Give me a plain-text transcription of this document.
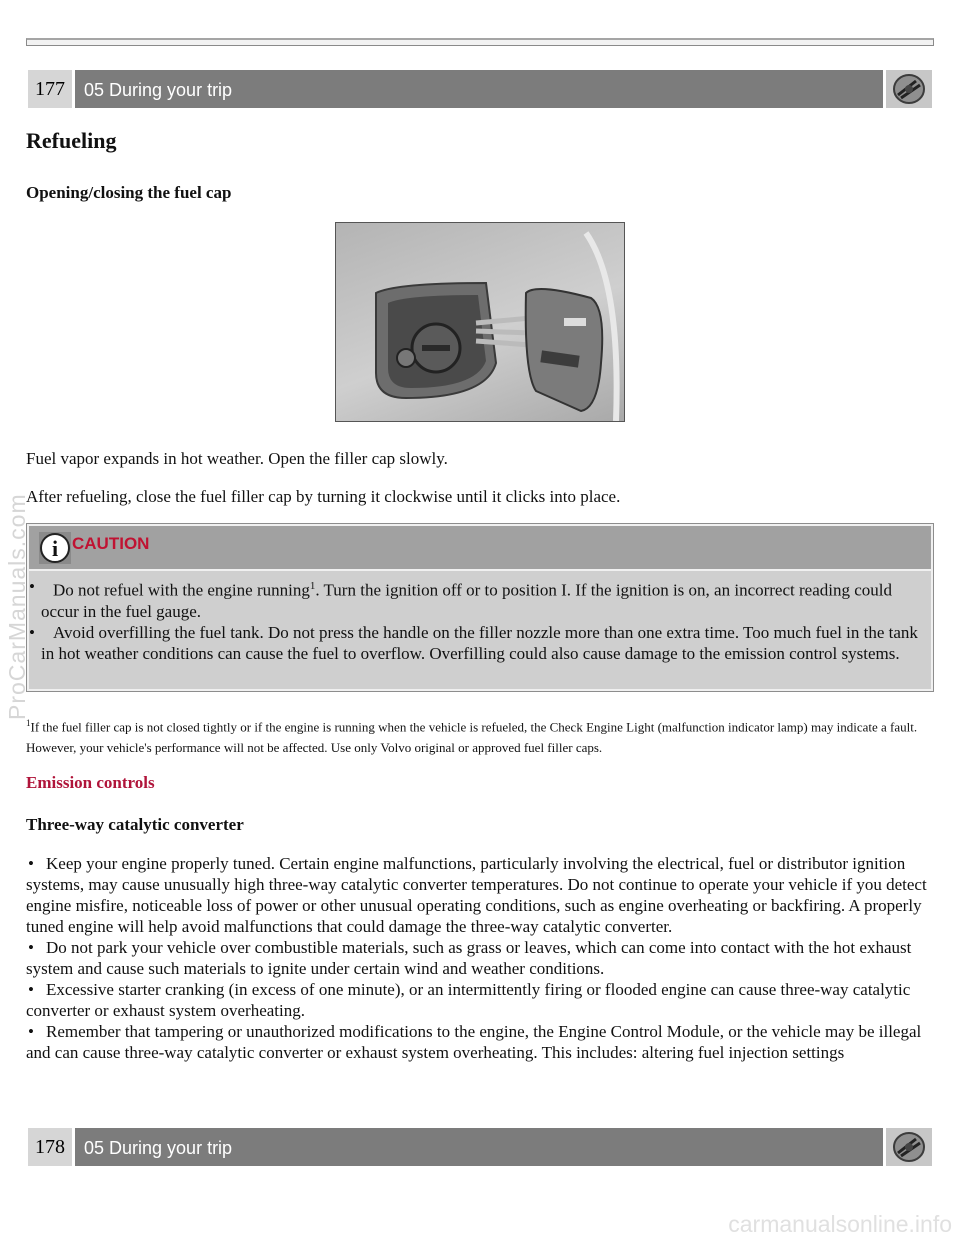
177	05 During your trip
Refueling
Opening/closing the fuel cap

Fuel vapor expands in hot weather. Open the filler cap slowly.

After refueling, close the fuel filler cap by turning it clockwise until it clicks into place.

i CAUTION
• Do not refuel with the engine running$^1$. Turn the ignition off or to position I. If the ignition is on, an incorrect reading could occur in the fuel gauge.
• Avoid overfilling the fuel tank. Do not press the handle on the filler nozzle more than one extra time. Too much fuel in the tank in hot weather conditions can cause the fuel to overflow. Overfilling could also cause damage to the emission control systems.

$^1$If the fuel filler cap is not closed tightly or if the engine is running when the vehicle is refueled, the Check Engine Light (malfunction indicator lamp) may indicate a fault. However, your vehicle's performance will not be affected. Use only Volvo original or approved fuel filler caps.

Emission controls
Three-way catalytic converter
• Keep your engine properly tuned. Certain engine malfunctions, particularly involving the electrical, fuel or distributor ignition systems, may cause unusually high three-way catalytic converter temperatures. Do not continue to operate your vehicle if you detect engine misfire, noticeable loss of power or other unusual operating conditions, such as engine overheating or backfiring. A properly tuned engine will help avoid malfunctions that could damage the three-way catalytic converter.
• Do not park your vehicle over combustible materials, such as grass or leaves, which can come into contact with the hot exhaust system and cause such materials to ignite under certain wind and weather conditions.
• Excessive starter cranking (in excess of one minute), or an intermittently firing or flooded engine can cause three-way catalytic converter or exhaust system overheating.
• Remember that tampering or unauthorized modifications to the engine, the Engine Control Module, or the vehicle may be illegal and can cause three-way catalytic converter or exhaust system overheating. This includes: altering fuel injection settings
178	05 During your trip
ProCarManuals.com
carmanualsonline.info
